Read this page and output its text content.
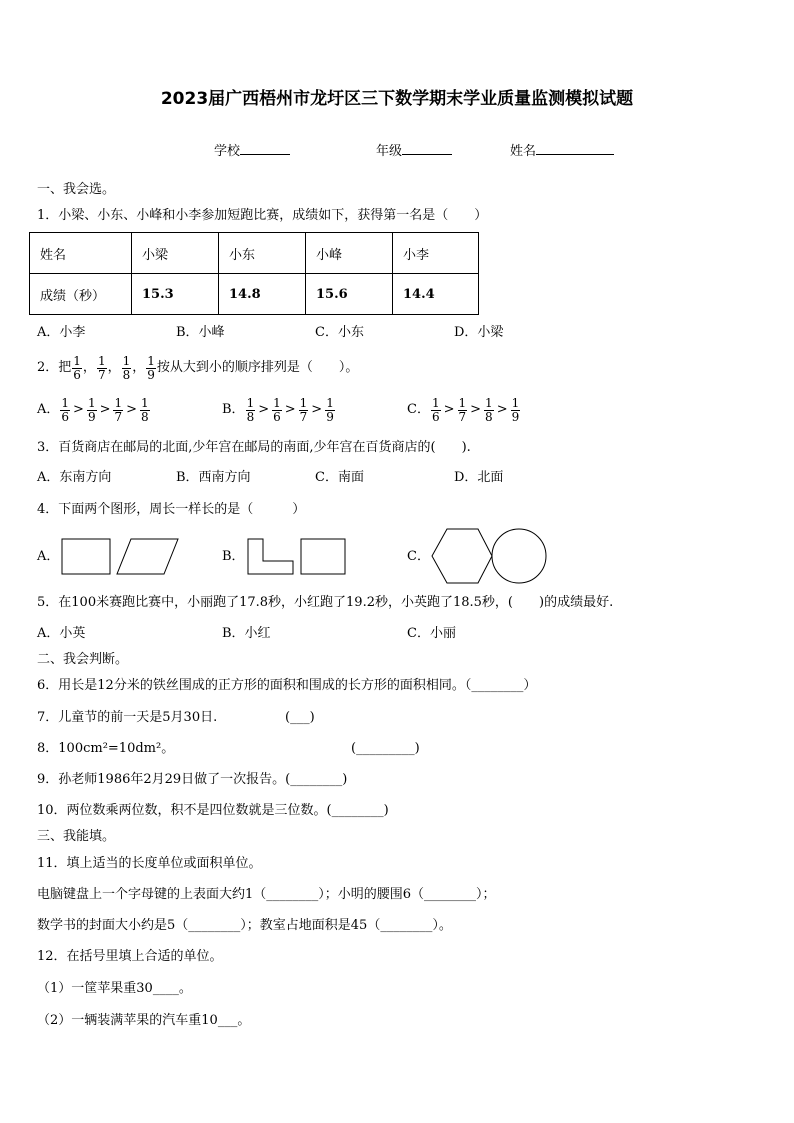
2023届广西梧州市龙圩区三下数学期末学业质量监测模拟试题
学校	年级	姓名
一、我会选。
1．小梁、小东、小峰和小李参加短跑比赛，成绩如下，获得第一名是（　　）
姓名	小梁	小东	小峰	小李
成绩（秒）	15.3	14.8	15.6	14.4
A．小李	B．小峰	C．小东	D．小梁
2．把 $\frac{1}{6}$ ， $\frac{1}{7}$ ， $\frac{1}{8}$ ， $\frac{1}{9}$ 按从大到小的顺序排列是（　　）。
A． $\frac{1}{6} > \frac{1}{9} > \frac{1}{7} > \frac{1}{8}$	B． $\frac{1}{8} > \frac{1}{6} > \frac{1}{7} > \frac{1}{9}$	C． $\frac{1}{6} > \frac{1}{7} > \frac{1}{8} > \frac{1}{9}$
3．百货商店在邮局的北面,少年宫在邮局的南面,少年宫在百货商店的(　　).
A．东南方向	B．西南方向	C．南面	D．北面
4．下面两个图形，周长一样长的是（　　　）
A．	B．	C．
5．在100米赛跑比赛中，小丽跑了17.8秒，小红跑了19.2秒，小英跑了18.5秒，(　　)的成绩最好.
A．小英	B．小红	C．小丽
二、我会判断。
6．用长是12分米的铁丝围成的正方形的面积和围成的长方形的面积相同。（________）
7．儿童节的前一天是5月30日.	(___)
8．100cm²=10dm²。	(_________)
9．孙老师1986年2月29日做了一次报告。(________)
10．两位数乘两位数，积不是四位数就是三位数。(________)
三、我能填。
11．填上适当的长度单位或面积单位。
电脑键盘上一个字母键的上表面大约1（________）；小明的腰围6（________）；
数学书的封面大小约是5（________）；教室占地面积是45（________）。
12．在括号里填上合适的单位。
（1）一筐苹果重30____。
（2）一辆装满苹果的汽车重10___。
